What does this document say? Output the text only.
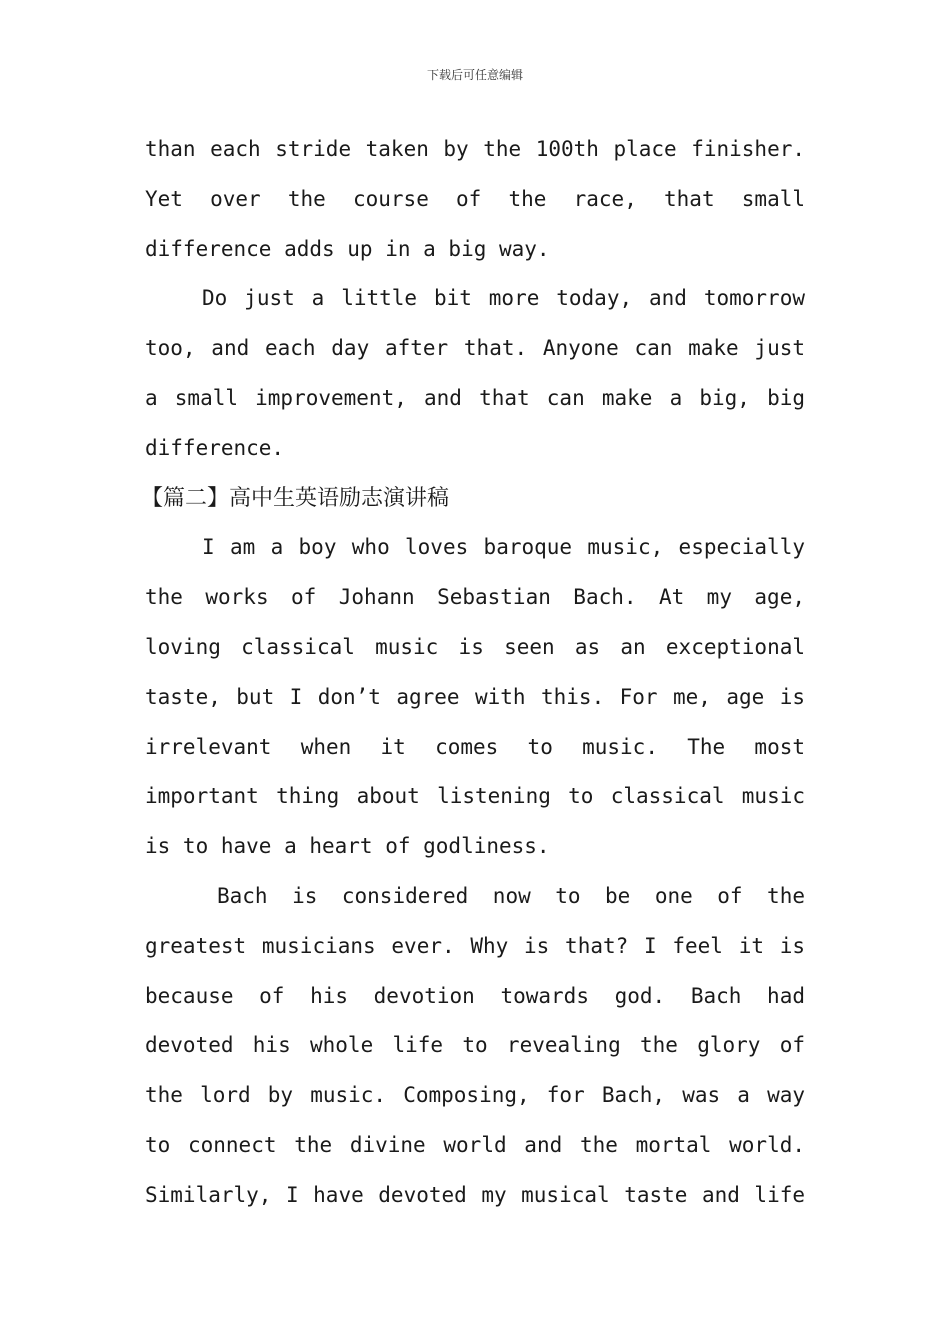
下载后可任意编辑
than each stride taken by the 100th place finisher.
Yet over the course of the race, that small
difference adds up in a big way.
Do just a little bit more today, and tomorrow
too, and each day after that. Anyone can make just
a small improvement, and that can make a big, big
difference.
【篇二】高中生英语励志演讲稿
I am a boy who loves baroque music, especially
the works of Johann Sebastian Bach. At my age,
loving classical music is seen as an exceptional
taste, but I don’t agree with this. For me, age is
irrelevant when it comes to music. The most
important thing about listening to classical music
is to have a heart of godliness.
Bach is considered now to be one of the
greatest musicians ever. Why is that? I feel it is
because of his devotion towards god. Bach had
devoted his whole life to revealing the glory of
the lord by music. Composing, for Bach, was a way
to connect the divine world and the mortal world.
Similarly, I have devoted my musical taste and life
